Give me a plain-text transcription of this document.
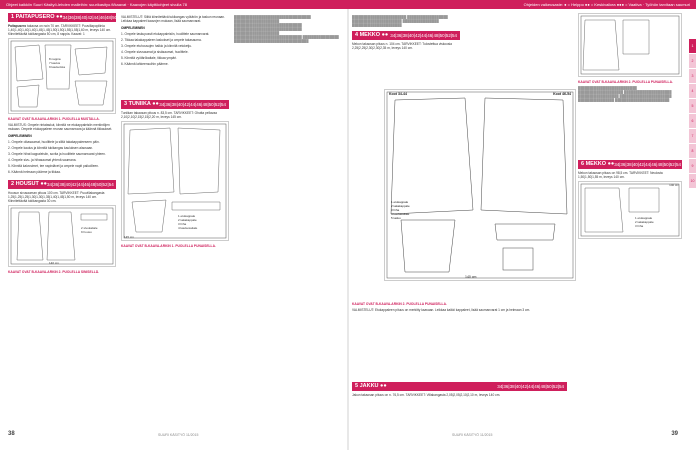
Ohjeet kaikkiin Suuri Käsityö-lehden malleihin: suurikasityo.fi/kaavat · Kaavojen käyttöohjeet sivulla 78	Ohjeiden vaikeusaste: ● = Helppo ●● = Keskivaikea ●●● = Vaativa · Työhön tarvitaan saumuri
1 PAITAPUSERO ●● 34|36|38|40|42|44|46|48|50|52|54
Paitapusero takaosa on noin 70 cm. TARVIKKEET: Puuvillapopliinia 1,40|1,40|1,40|1,40|1,45|1,45|1,50|1,50|1,55|1,55|1,60 m, leveys 140 cm. Kiinnitettävää tukikangasta 50 cm, 8 nappia. Kaavat: 1
8 nappia
7 kaulus
9 kaula-lista
KAAVAT OVAT B-KAAVA-ARKIN 1. PUOLELLA MUSTALLA.
VALMISTUS: Ompele rintataskut, kiinnitä ne etukappaleisiin merkintöjen mukaan. Ompele etukappaleen reunan saumanvara ja käännä tikkaukset.
OMPELEMINEN
1. Ompele olkasaumat, huolittele ja silitä takakappaleeseen päin.
2. Ompele kaulus ja kiinnitä tukikangas kauluksen alaosaan.
3. Ompele hihat kappaleisiin, sovita ja huolittele saumanvarat yhteen.
4. Ompele sivu- ja hihasaumat yhtenä saumana.
5. Kiinnitä kalvosimet, tee napinlävet ja ompele napit paikoilleen.
6. Käännä helmaan päärme ja tikkaa.
2 HOUSUT ●● 34|36|38|40|42|44|46|48|50|52|54
Housun sivusauman pituus 100 cm. TARVIKKEET: Puuvillakangasta 1,25|1,25|1,25|1,30|1,30|1,35|1,40|1,45|1,50 m, leveys 140 cm. Kiinnitettävää tukikangasta 30 cm.
2 sivukaitale
9 housu
140 cm
KAAVAT OVAT B-KAAVA-ARKIN 2. PUOLELLA SINISELLÄ.
VALMISTELUT: Silitä kiinnitettävä tukikangas vyötärön ja taskun reunaan. Leikkaa kappaleet kaavojen mukaan, lisää saumanvarat.
OMPELEMINEN
1. Ompele taskupussit etukappaleisiin, huolittele saumanvarat.
2. Tikkaa takakappaleen laskokset ja ompele takasauma.
3. Ompele etuhousujen halkio ja kiinnitä vetoketju.
4. Ompele sivusaumat ja sisäsaumat, huolittele.
5. Kiinnitä vyötärökaitale, tikkaa ympäri.
6. Käännä lahkeensuihin päärme.
3 TUNIIKA ●● 34|36|38|40|42|44|46|48|50|52|54
Tuniikan takaosan pituus n. 83,5 cm. TARVIKKEET: Ohutta pellavaa 2,10|2,10|2,15|2,15|2,20 m, leveys 145 cm.
1 etukappale
2 takakappale
3 hiha
4 kaula-kaitale
145 cm
KAAVAT OVAT B-KAAVA-ARKIN 1. PUOLELLA PUNAISELLA.
██████████████████████████████████ ████████████████████ ██████████████████████████████ ██████████████████████████████ ████████████████████ ██████████████████████████████ ████████████████ █████████████████████████████████
SUURI KÄSITYÖ 11/2015
38
████████████████████████ ██████████████████ ██████████████████████ ████████████████ ██████████████████████
4 MEKKO ●● 34|36|38|40|42|44|46|48|50|52|54
Mekon takaosan pituus n. 104 cm. TARVIKKEET: Tulostettua viskoosia 2,25|2,25|2,30|2,30|2,35 m, leveys 140 cm.
Koot 34-44	Koot 46-54
140 cm
1 etukappale
2 takakappale
3 hiha
4 kaulakaitale
5 tasku
KAAVAT OVAT B-KAAVA-ARKIN 2. PUOLELLA PUNAISELLA.
VALMISTELUT: Etukappaleen pituus on merkitty kaavaan. Leikkaa kaikki kappaleet, lisää saumanvarat 1 cm ja helmaan 3 cm.
5 JAKKU ●●	34|36|38|40|42|44|46|48|50|52|54
Jakun takaosan pituus on n. 76,5 cm. TARVIKKEET: Villakangasta 2,05|2,05|2,10|2,10 m, leveys 140 cm.
KAAVAT OVAT B-KAAVA-ARKIN 2. PUOLELLA PUNAISELLA.
██████████████████████████ ████████████████████ █████████████████████ ██████████████████ ███████████████████████ ████████████████ ████████████████████████
6 MEKKO ●● 34|36|38|40|42|44|46|48|50|52|54
Mekon takaosan pituus on 98,5 cm. TARVIKKEET: Neulosta 1,50|1,50|1,55 m, leveys 140 cm.
1 etukappale
2 takakappale
3 hiha
140 cm
SUURI KÄSITYÖ 11/2015	39
1
2
3
4
5
6
7
8
9
10
